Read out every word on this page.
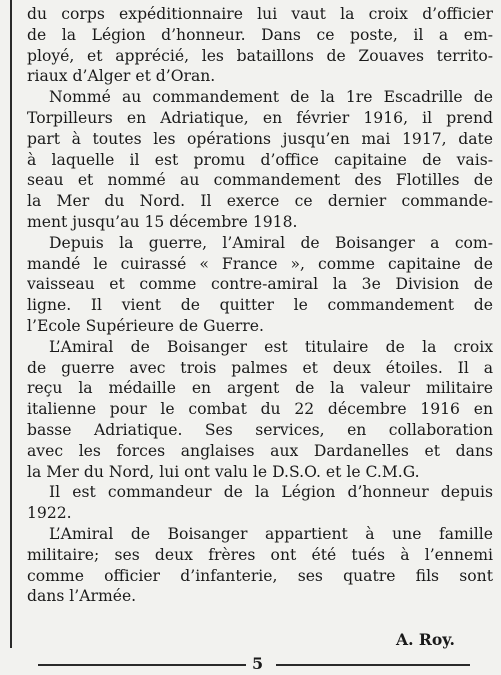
du corps expéditionnaire lui vaut la croix d’officier
de la Légion d’honneur. Dans ce poste, il a em-
ployé, et apprécié, les bataillons de Zouaves territo-
riaux d’Alger et d’Oran.
Nommé au commandement de la 1re Escadrille de
Torpilleurs en Adriatique, en février 1916, il prend
part à toutes les opérations jusqu’en mai 1917, date
à laquelle il est promu d’office capitaine de vais-
seau et nommé au commandement des Flotilles de
la Mer du Nord. Il exerce ce dernier commande-
ment jusqu’au 15 décembre 1918.
Depuis la guerre, l’Amiral de Boisanger a com-
mandé le cuirassé « France », comme capitaine de
vaisseau et comme contre-amiral la 3e Division de
ligne. Il vient de quitter le commandement de
l’Ecole Supérieure de Guerre.
L’Amiral de Boisanger est titulaire de la croix
de guerre avec trois palmes et deux étoiles. Il a
reçu la médaille en argent de la valeur militaire
italienne pour le combat du 22 décembre 1916 en
basse Adriatique. Ses services, en collaboration
avec les forces anglaises aux Dardanelles et dans
la Mer du Nord, lui ont valu le D.S.O. et le C.M.G.
Il est commandeur de la Légion d’honneur depuis
1922.
L’Amiral de Boisanger appartient à une famille
militaire; ses deux frères ont été tués à l’ennemi
comme officier d’infanterie, ses quatre fils sont
dans l’Armée.
A. Roy.
5
